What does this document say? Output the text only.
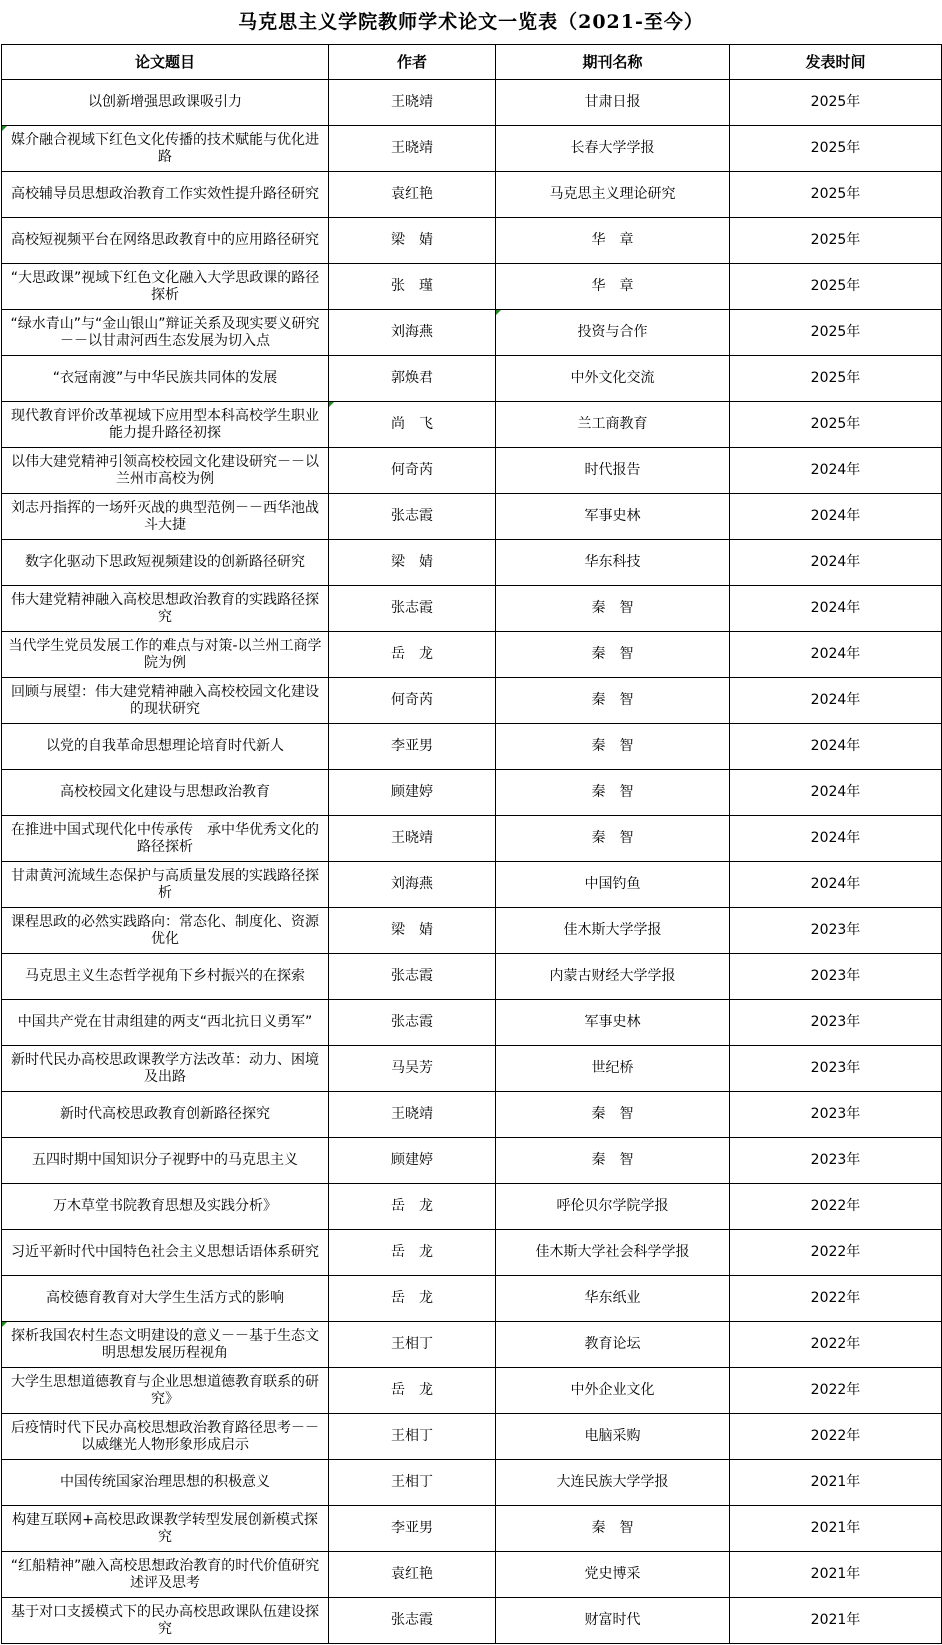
马克思主义学院教师学术论文一览表（2021-至今）
论文题目	作者	期刊名称	发表时间
以创新增强思政课吸引力	王晓靖	甘肃日报	2025年
媒介融合视域下红色文化传播的技术赋能与优化进路	王晓靖	长春大学学报	2025年
高校辅导员思想政治教育工作实效性提升路径研究	袁红艳	马克思主义理论研究	2025年
高校短视频平台在网络思政教育中的应用路径研究	梁　婧	华　章	2025年
“大思政课”视域下红色文化融入大学思政课的路径探析	张　瑾	华　章	2025年
“绿水青山”与“金山银山”辩证关系及现实要义研究－－以甘肃河西生态发展为切入点	刘海燕	投资与合作	2025年
“衣冠南渡”与中华民族共同体的发展	郭焕君	中外文化交流	2025年
现代教育评价改革视域下应用型本科高校学生职业能力提升路径初探	尚　飞	兰工商教育	2025年
以伟大建党精神引领高校校园文化建设研究－－以兰州市高校为例	何奇芮	时代报告	2024年
刘志丹指挥的一场歼灭战的典型范例－－西华池战斗大捷	张志霞	军事史林	2024年
数字化驱动下思政短视频建设的创新路径研究	梁　婧	华东科技	2024年
伟大建党精神融入高校思想政治教育的实践路径探究	张志霞	秦　智	2024年
当代学生党员发展工作的难点与对策-以兰州工商学院为例	岳　龙	秦　智	2024年
回顾与展望：伟大建党精神融入高校校园文化建设的现状研究	何奇芮	秦　智	2024年
以党的自我革命思想理论培育时代新人	李亚男	秦　智	2024年
高校校园文化建设与思想政治教育	顾建婷	秦　智	2024年
在推进中国式现代化中传承传　承中华优秀文化的路径探析	王晓靖	秦　智	2024年
甘肃黄河流域生态保护与高质量发展的实践路径探析	刘海燕	中国钓鱼	2024年
课程思政的必然实践路向：常态化、制度化、资源优化	梁　婧	佳木斯大学学报	2023年
马克思主义生态哲学视角下乡村振兴的在探索	张志霞	内蒙古财经大学学报	2023年
中国共产党在甘肃组建的两支“西北抗日义勇军”	张志霞	军事史林	2023年
新时代民办高校思政课教学方法改革：动力、困境及出路	马吴芳	世纪桥	2023年
新时代高校思政教育创新路径探究	王晓靖	秦　智	2023年
五四时期中国知识分子视野中的马克思主义	顾建婷	秦　智	2023年
万木草堂书院教育思想及实践分析》	岳　龙	呼伦贝尔学院学报	2022年
习近平新时代中国特色社会主义思想话语体系研究	岳　龙	佳木斯大学社会科学学报	2022年
高校德育教育对大学生生活方式的影响	岳　龙	华东纸业	2022年
探析我国农村生态文明建设的意义－－基于生态文明思想发展历程视角	王相丁	教育论坛	2022年
大学生思想道德教育与企业思想道德教育联系的研究》	岳　龙	中外企业文化	2022年
后疫情时代下民办高校思想政治教育路径思考－－以威继光人物形象形成启示	王相丁	电脑采购	2022年
中国传统国家治理思想的积极意义	王相丁	大连民族大学学报	2021年
构建互联网+高校思政课教学转型发展创新模式探究	李亚男	秦　智	2021年
“红船精神”融入高校思想政治教育的时代价值研究述评及思考	袁红艳	党史博采	2021年
基于对口支援模式下的民办高校思政课队伍建设探究	张志霞	财富时代	2021年
